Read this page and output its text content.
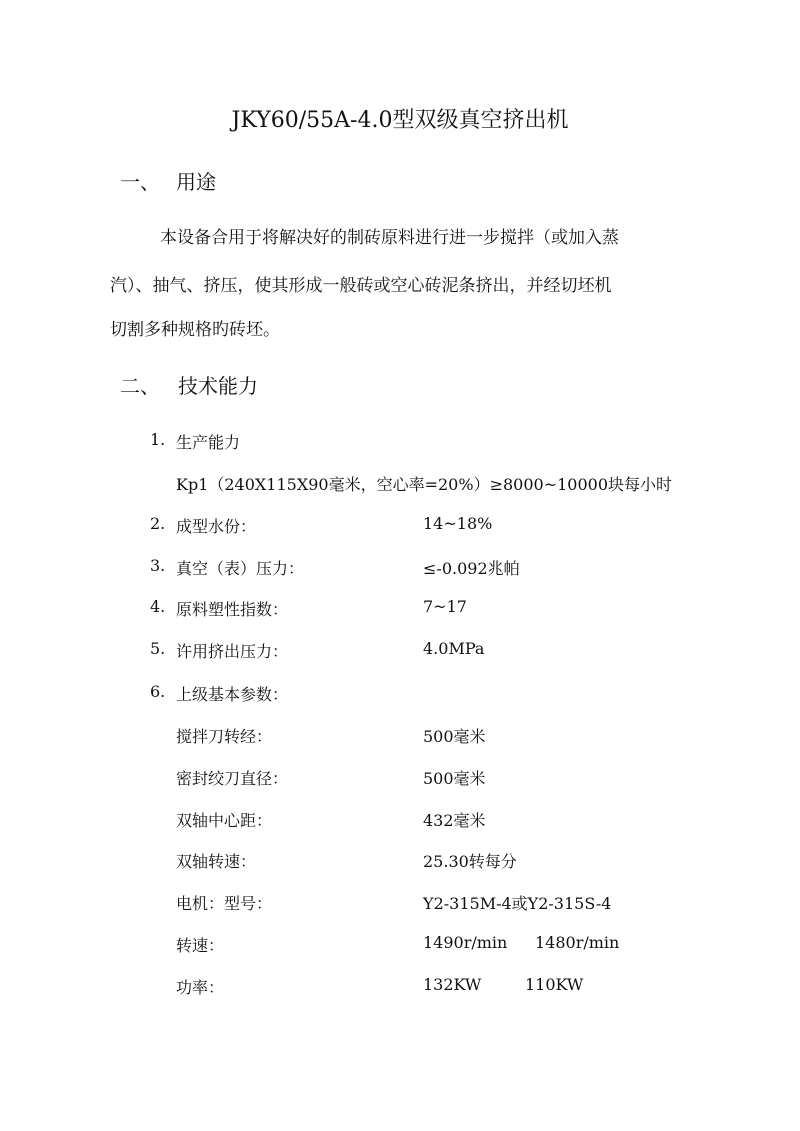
JKY60/55A-4.0型双级真空挤出机
一、 用途
本设备合用于将解决好的制砖原料进行进一步搅拌（或加入蒸
汽）、抽气、挤压，使其形成一般砖或空心砖泥条挤出，并经切坯机
切割多种规格旳砖坯。
二、 技术能力
1. 生产能力
Kp1（240X115X90毫米，空心率=20%）≥8000~10000块每小时
2. 成型水份：	14~18%
3. 真空（表）压力：	≤-0.092兆帕
4. 原料塑性指数：	7~17
5. 许用挤出压力：	4.0MPa
6. 上级基本参数：
搅拌刀转经：	500毫米
密封绞刀直径：	500毫米
双轴中心距：	432毫米
双轴转速：	25.30转每分
电机：型号：	Y2-315M-4或Y2-315S-4
转速：	1490r/min 1480r/min
功率：	132KW	110KW
